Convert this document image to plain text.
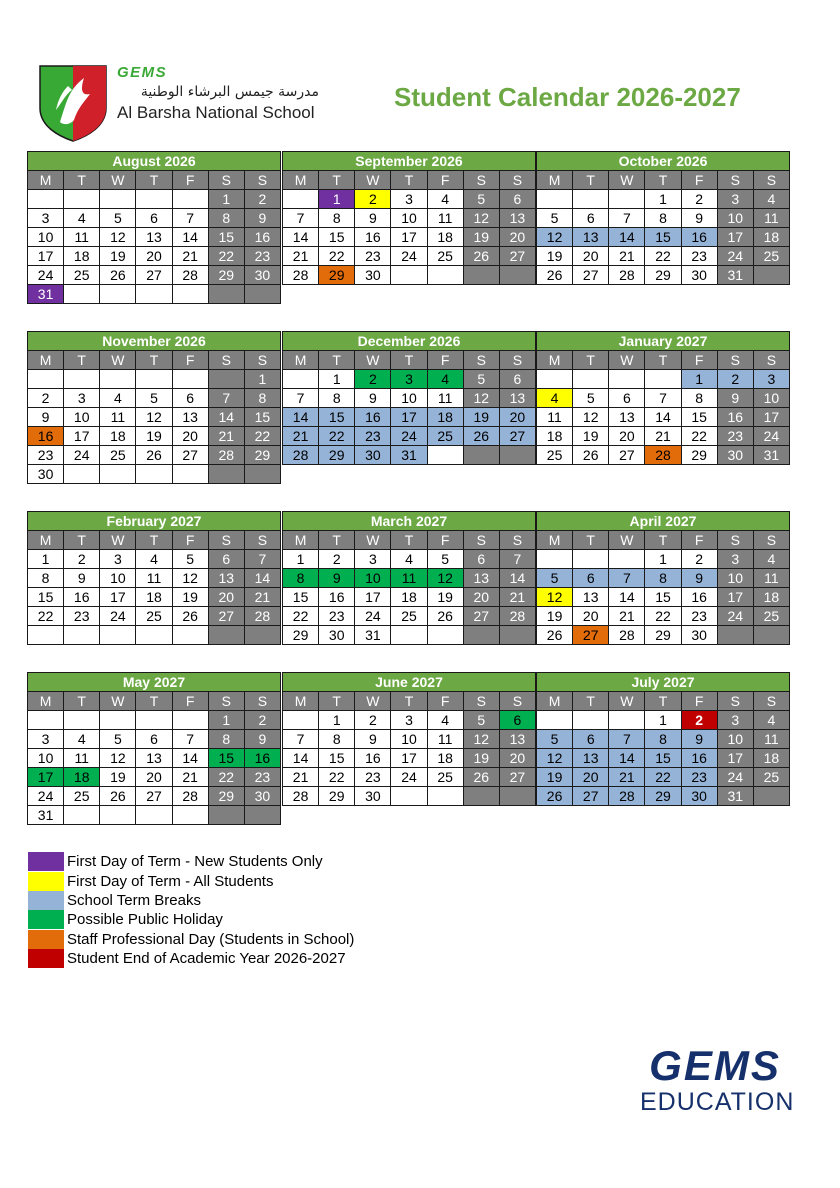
GEMS
مدرسة جيمس البرشاء الوطنية
Al Barsha National School
Student Calendar 2026-2027
August 2026						
M	T	W	T	F	S	S
					1	2
3	4	5	6	7	8	9
10	11	12	13	14	15	16
17	18	19	20	21	22	23
24	25	26	27	28	29	30
31						
September 2026						
M	T	W	T	F	S	S
	1	2	3	4	5	6
7	8	9	10	11	12	13
14	15	16	17	18	19	20
21	22	23	24	25	26	27
28	29	30				
October 2026						
M	T	W	T	F	S	S
			1	2	3	4
5	6	7	8	9	10	11
12	13	14	15	16	17	18
19	20	21	22	23	24	25
26	27	28	29	30	31	
November 2026						
M	T	W	T	F	S	S
						1
2	3	4	5	6	7	8
9	10	11	12	13	14	15
16	17	18	19	20	21	22
23	24	25	26	27	28	29
30						
December 2026						
M	T	W	T	F	S	S
	1	2	3	4	5	6
7	8	9	10	11	12	13
14	15	16	17	18	19	20
21	22	23	24	25	26	27
28	29	30	31			
January 2027						
M	T	W	T	F	S	S
				1	2	3
4	5	6	7	8	9	10
11	12	13	14	15	16	17
18	19	20	21	22	23	24
25	26	27	28	29	30	31
February 2027						
M	T	W	T	F	S	S
1	2	3	4	5	6	7
8	9	10	11	12	13	14
15	16	17	18	19	20	21
22	23	24	25	26	27	28

March 2027						
M	T	W	T	F	S	S
1	2	3	4	5	6	7
8	9	10	11	12	13	14
15	16	17	18	19	20	21
22	23	24	25	26	27	28
29	30	31				
April 2027						
M	T	W	T	F	S	S
			1	2	3	4
5	6	7	8	9	10	11
12	13	14	15	16	17	18
19	20	21	22	23	24	25
26	27	28	29	30		
May 2027						
M	T	W	T	F	S	S
					1	2
3	4	5	6	7	8	9
10	11	12	13	14	15	16
17	18	19	20	21	22	23
24	25	26	27	28	29	30
31						
June 2027						
M	T	W	T	F	S	S
	1	2	3	4	5	6
7	8	9	10	11	12	13
14	15	16	17	18	19	20
21	22	23	24	25	26	27
28	29	30				
July 2027						
M	T	W	T	F	S	S
			1	2	3	4
5	6	7	8	9	10	11
12	13	14	15	16	17	18
19	20	21	22	23	24	25
26	27	28	29	30	31	
First Day of Term - New Students Only
First Day of Term - All Students
School Term Breaks
Possible Public Holiday
Staff Professional Day (Students in School)
Student End of Academic Year 2026-2027
GEMS
EDUCATION
